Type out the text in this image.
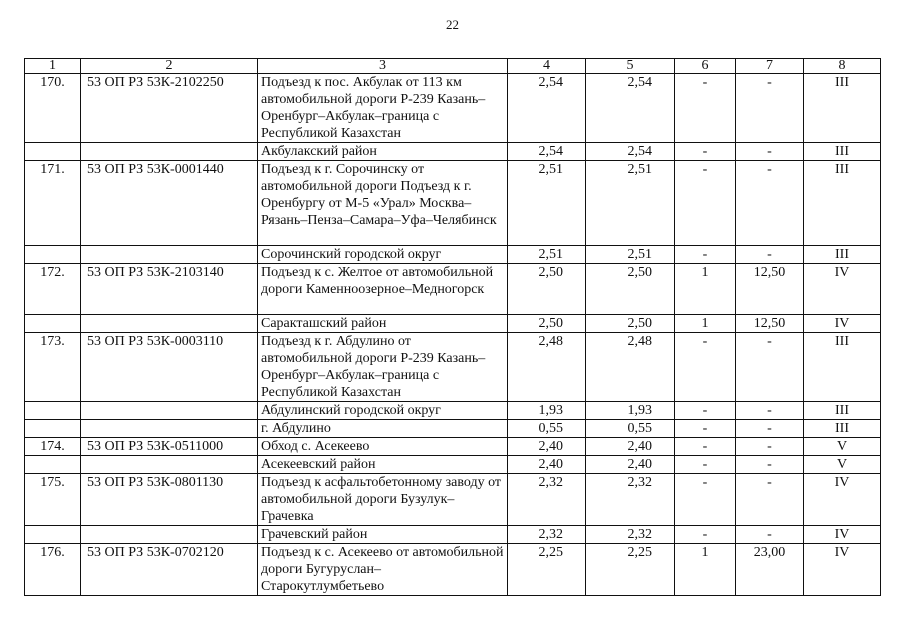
22
1	2	3	4	5	6	7	8
170.	53 ОП РЗ 53К-2102250	Подъезд к пос. Акбулак от 113 км автомобильной дороги Р-239 Казань–Оренбург–Акбулак–граница с Республикой Казахстан	2,54	2,54	-	-	III
		Акбулакский район	2,54	2,54	-	-	III
171.	53 ОП РЗ 53К-0001440	Подъезд к г. Сорочинску от автомобильной дороги Подъезд к г. Оренбургу от М-5 «Урал» Москва–Рязань–Пенза–Самара–Уфа–Челябинск	2,51	2,51	-	-	III
		Сорочинский городской округ	2,51	2,51	-	-	III
172.	53 ОП РЗ 53К-2103140	Подъезд к с. Желтое от автомобильной дороги Каменноозерное–Медногорск	2,50	2,50	1	12,50	IV
		Саракташский район	2,50	2,50	1	12,50	IV
173.	53 ОП РЗ 53К-0003110	Подъезд к г. Абдулино от автомобильной дороги Р-239 Казань–Оренбург–Акбулак–граница с Республикой Казахстан	2,48	2,48	-	-	III
		Абдулинский городской округ	1,93	1,93	-	-	III
		г. Абдулино	0,55	0,55	-	-	III
174.	53 ОП РЗ 53К-0511000	Обход с. Асекеево	2,40	2,40	-	-	V
		Асекеевский район	2,40	2,40	-	-	V
175.	53 ОП РЗ 53К-0801130	Подъезд к асфальтобетонному заводу от автомобильной дороги Бузулук–Грачевка	2,32	2,32	-	-	IV
		Грачевский район	2,32	2,32	-	-	IV
176.	53 ОП РЗ 53К-0702120	Подъезд к с. Асекеево от автомобильной дороги Бугуруслан–Старокутлумбетьево	2,25	2,25	1	23,00	IV
